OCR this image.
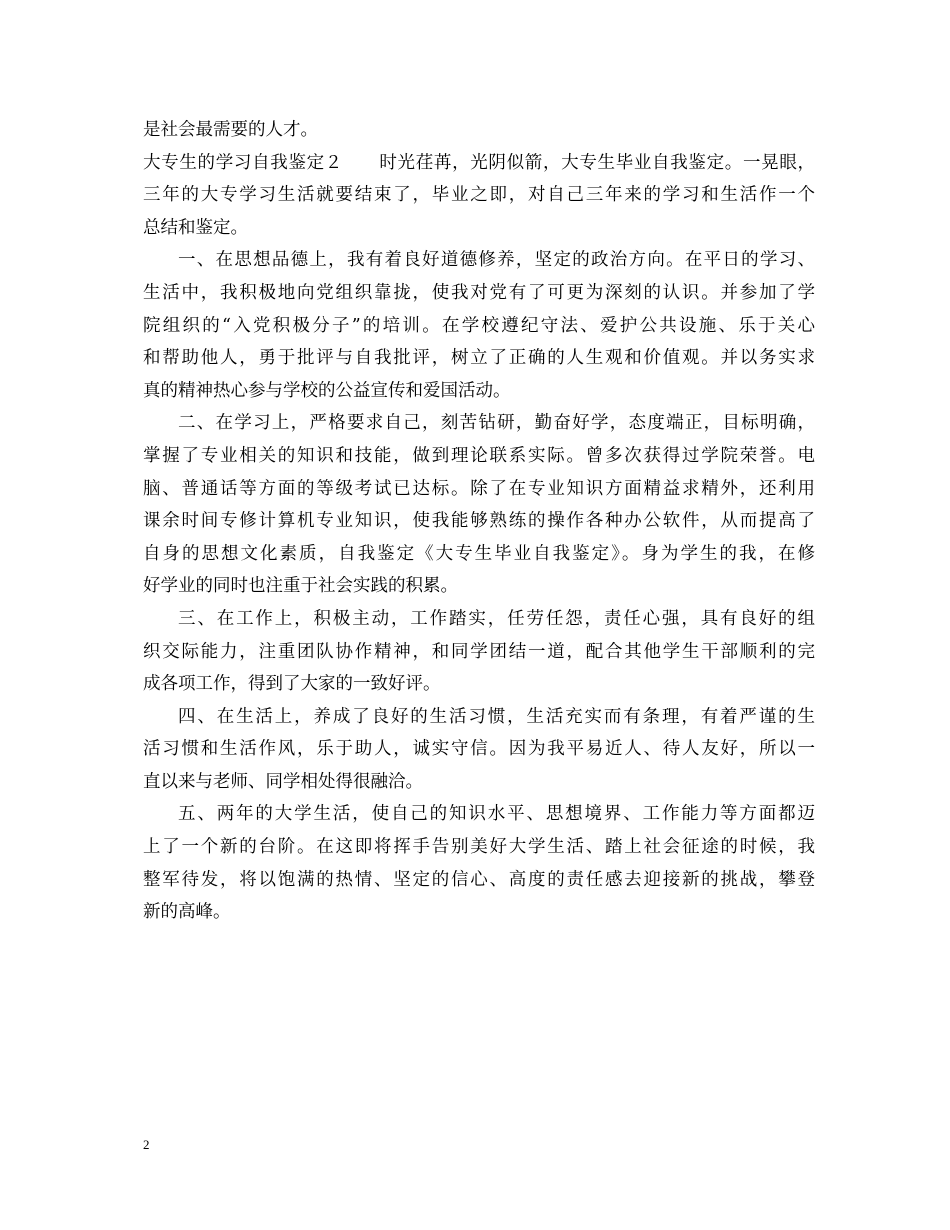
是社会最需要的人才。
大专生的学习自我鉴定２　　时光荏苒，光阴似箭，大专生毕业自我鉴定。一晃眼，
三年的大专学习生活就要结束了，毕业之即，对自己三年来的学习和生活作一个
总结和鉴定。
一、在思想品德上，我有着良好道德修养，坚定的政治方向。在平日的学习、
生活中，我积极地向党组织靠拢，使我对党有了可更为深刻的认识。并参加了学
院组织的“入党积极分子”的培训。在学校遵纪守法、爱护公共设施、乐于关心
和帮助他人，勇于批评与自我批评，树立了正确的人生观和价值观。并以务实求
真的精神热心参与学校的公益宣传和爱国活动。
二、在学习上，严格要求自己，刻苦钻研，勤奋好学，态度端正，目标明确，
掌握了专业相关的知识和技能，做到理论联系实际。曾多次获得过学院荣誉。电
脑、普通话等方面的等级考试已达标。除了在专业知识方面精益求精外，还利用
课余时间专修计算机专业知识，使我能够熟练的操作各种办公软件，从而提高了
自身的思想文化素质，自我鉴定《大专生毕业自我鉴定》。身为学生的我，在修
好学业的同时也注重于社会实践的积累。
三、在工作上，积极主动，工作踏实，任劳任怨，责任心强，具有良好的组
织交际能力，注重团队协作精神，和同学团结一道，配合其他学生干部顺利的完
成各项工作，得到了大家的一致好评。
四、在生活上，养成了良好的生活习惯，生活充实而有条理，有着严谨的生
活习惯和生活作风，乐于助人，诚实守信。因为我平易近人、待人友好，所以一
直以来与老师、同学相处得很融洽。
五、两年的大学生活，使自己的知识水平、思想境界、工作能力等方面都迈
上了一个新的台阶。在这即将挥手告别美好大学生活、踏上社会征途的时候，我
整军待发，将以饱满的热情、坚定的信心、高度的责任感去迎接新的挑战，攀登
新的高峰。
2
